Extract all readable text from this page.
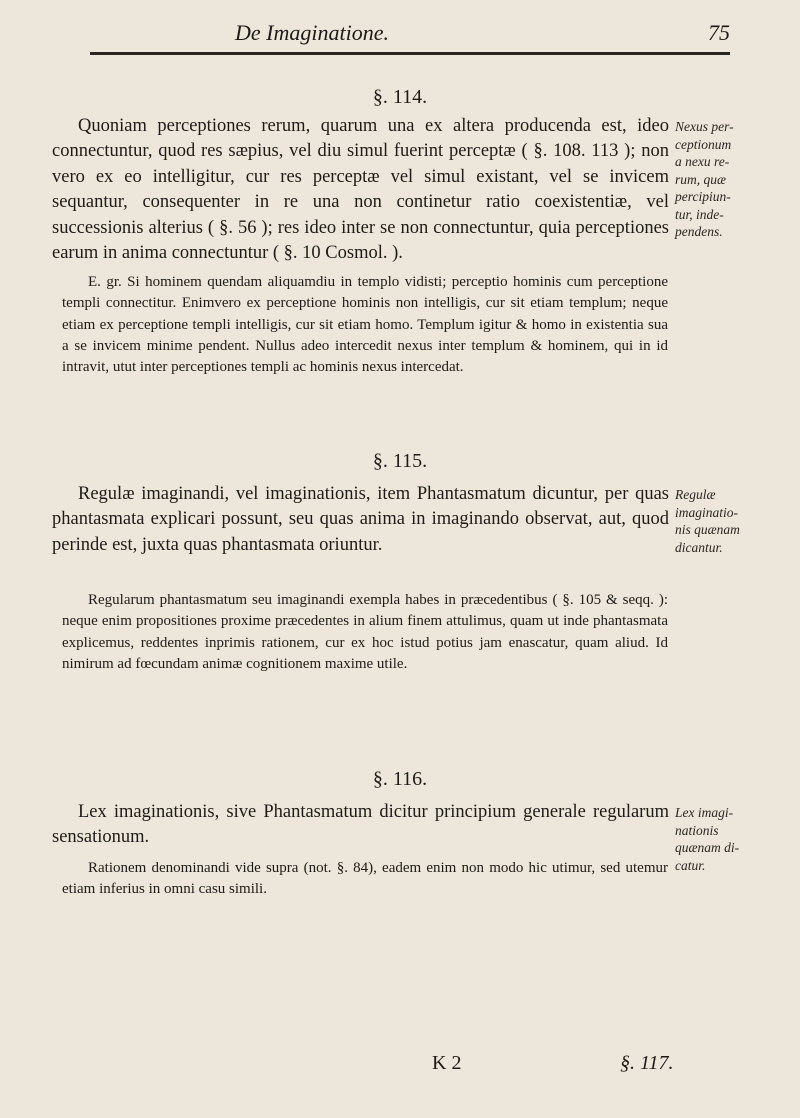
De Imaginatione.	75
§. 114.
Quoniam perceptiones rerum, quarum una ex altera producenda est, ideo connectuntur, quod res sæpius, vel diu simul fuerint perceptæ ( §. 108. 113 ); non vero ex eo intelligitur, cur res perceptæ vel simul existant, vel se invicem sequantur, consequenter in re una non continetur ratio coexistentiæ, vel successionis alterius ( §. 56 ); res ideo inter se non connectuntur, quia perceptiones earum in anima connectuntur ( §. 10 Cosmol. ).
Nexus per-
ceptionum
a nexu re-
rum, quæ
percipiun-
tur, inde-
pendens.
E. gr. Si hominem quendam aliquamdiu in templo vidisti; perceptio hominis cum perceptione templi connectitur. Enimvero ex perceptione hominis non intelligis, cur sit etiam templum; neque etiam ex perceptione templi intelligis, cur sit etiam homo. Templum igitur & homo in existentia sua a se invicem minime pendent. Nullus adeo intercedit nexus inter templum & hominem, qui in id intravit, utut inter perceptiones templi ac hominis nexus intercedat.
§. 115.
Regulæ imaginandi, vel imaginationis, item Phantasmatum dicuntur, per quas phantasmata explicari possunt, seu quas anima in imaginando observat, aut, quod perinde est, juxta quas phantasmata oriuntur.
Regulæ
imaginatio-
nis quænam
dicantur.
Regularum phantasmatum seu imaginandi exempla habes in præcedentibus ( §. 105 & seqq. ): neque enim propositiones proxime præcedentes in alium finem attulimus, quam ut inde phantasmata explicemus, reddentes inprimis rationem, cur ex hoc istud potius jam enascatur, quam aliud. Id nimirum ad fœcundam animæ cognitionem maxime utile.
§. 116.
Lex imaginationis, sive Phantasmatum dicitur principium generale regularum sensationum.
Lex imagi-
nationis
quænam di-
catur.
Rationem denominandi vide supra (not. §. 84), eadem enim non modo hic utimur, sed utemur etiam inferius in omni casu simili.
K 2	§. 117.
